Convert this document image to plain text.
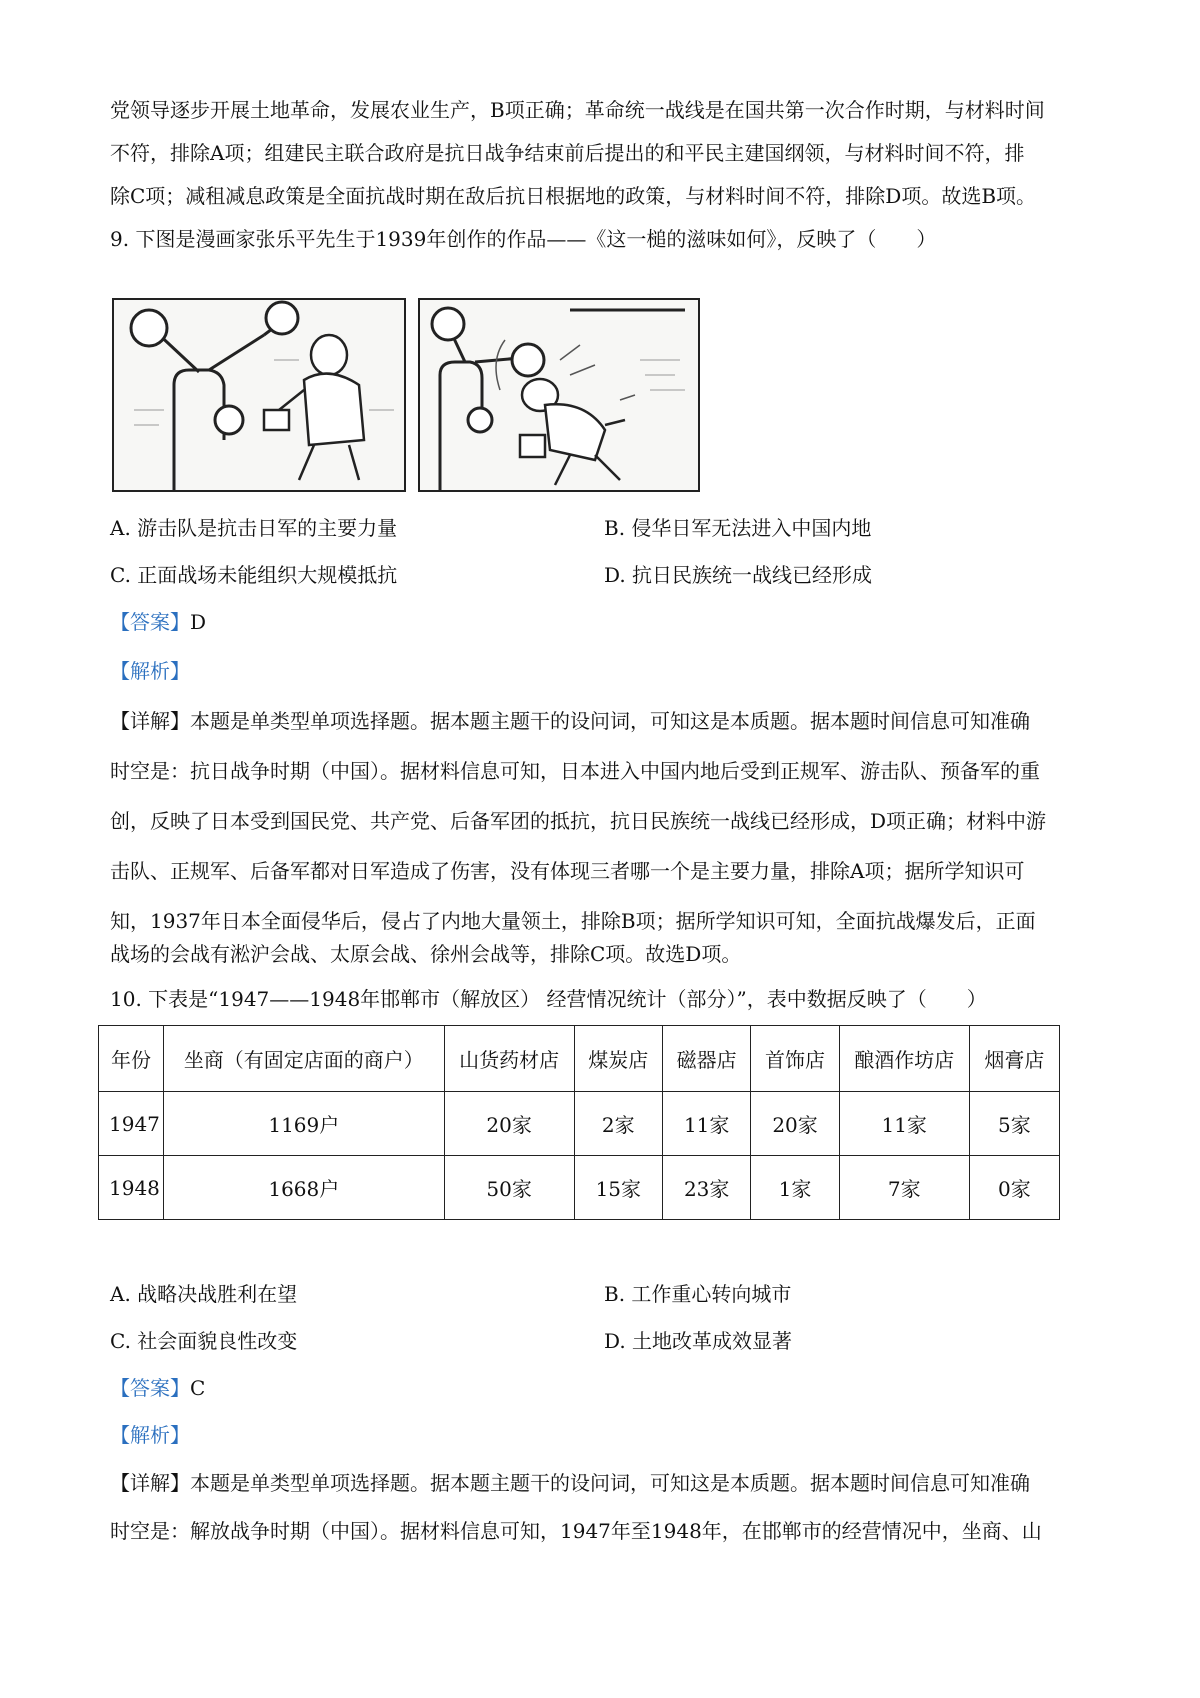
党领导逐步开展土地革命，发展农业生产，B项正确；革命统一战线是在国共第一次合作时期，与材料时间
不符，排除A项；组建民主联合政府是抗日战争结束前后提出的和平民主建国纲领，与材料时间不符，排
除C项；减租减息政策是全面抗战时期在敌后抗日根据地的政策，与材料时间不符，排除D项。故选B项。
9. 下图是漫画家张乐平先生于1939年创作的作品——《这一槌的滋味如何》，反映了（　　）
A. 游击队是抗击日军的主要力量	B. 侵华日军无法进入中国内地
C. 正面战场未能组织大规模抵抗	D. 抗日民族统一战线已经形成
【答案】D
【解析】
【详解】本题是单类型单项选择题。据本题主题干的设问词，可知这是本质题。据本题时间信息可知准确
时空是：抗日战争时期（中国）。据材料信息可知，日本进入中国内地后受到正规军、游击队、预备军的重
创，反映了日本受到国民党、共产党、后备军团的抵抗，抗日民族统一战线已经形成，D项正确；材料中游
击队、正规军、后备军都对日军造成了伤害，没有体现三者哪一个是主要力量，排除A项；据所学知识可
知，1937年日本全面侵华后，侵占了内地大量领土，排除B项；据所学知识可知，全面抗战爆发后，正面
战场的会战有淞沪会战、太原会战、徐州会战等，排除C项。故选D项。
10. 下表是“1947——1948年邯郸市（解放区） 经营情况统计（部分）”，表中数据反映了（　　）
年份	坐商（有固定店面的商户）	山货药材店	煤炭店	磁器店	首饰店	酿酒作坊店	烟膏店
1947	1169户	20家	2家	11家	20家	11家	5家
1948	1668户	50家	15家	23家	1家	7家	0家
A. 战略决战胜利在望	B. 工作重心转向城市
C. 社会面貌良性改变	D. 土地改革成效显著
【答案】C
【解析】
【详解】本题是单类型单项选择题。据本题主题干的设问词，可知这是本质题。据本题时间信息可知准确
时空是：解放战争时期（中国）。据材料信息可知，1947年至1948年，在邯郸市的经营情况中，坐商、山
